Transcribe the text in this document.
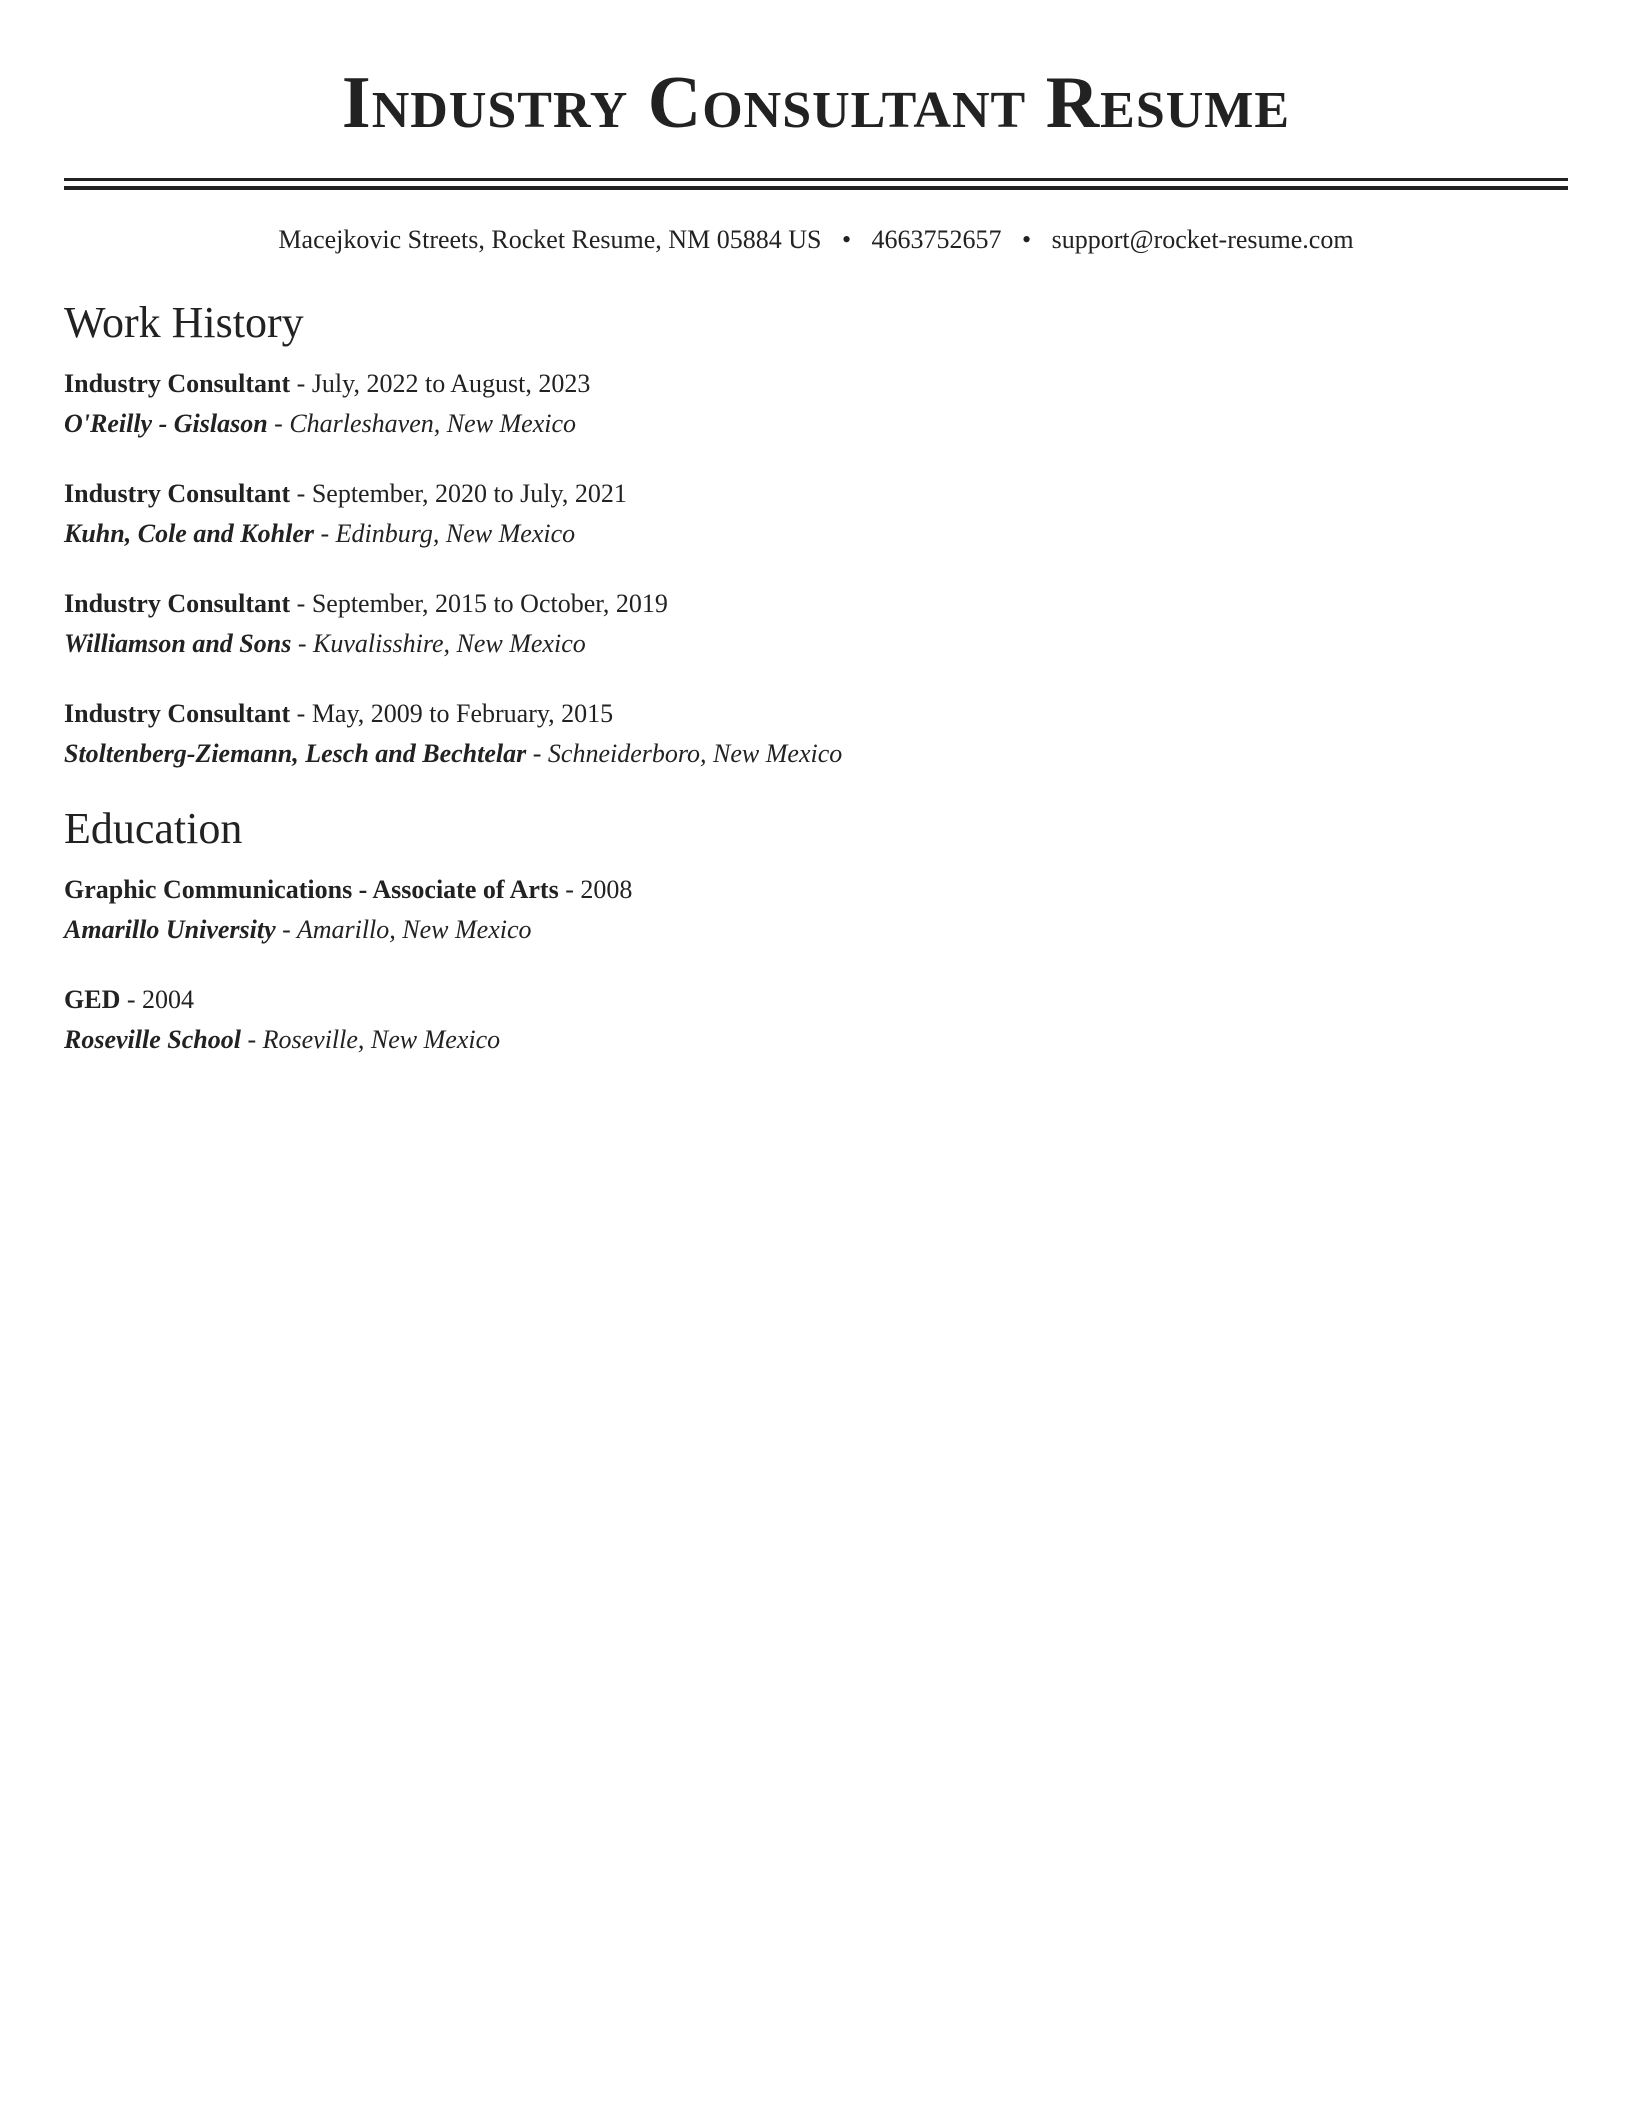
Industry Consultant Resume
Macejkovic Streets, Rocket Resume, NM 05884 US • 4663752657 • support@rocket-resume.com
Work History
Industry Consultant - July, 2022 to August, 2023
O'Reilly - Gislason - Charleshaven, New Mexico
Industry Consultant - September, 2020 to July, 2021
Kuhn, Cole and Kohler - Edinburg, New Mexico
Industry Consultant - September, 2015 to October, 2019
Williamson and Sons - Kuvalisshire, New Mexico
Industry Consultant - May, 2009 to February, 2015
Stoltenberg-Ziemann, Lesch and Bechtelar - Schneiderboro, New Mexico
Education
Graphic Communications - Associate of Arts - 2008
Amarillo University - Amarillo, New Mexico
GED - 2004
Roseville School - Roseville, New Mexico
